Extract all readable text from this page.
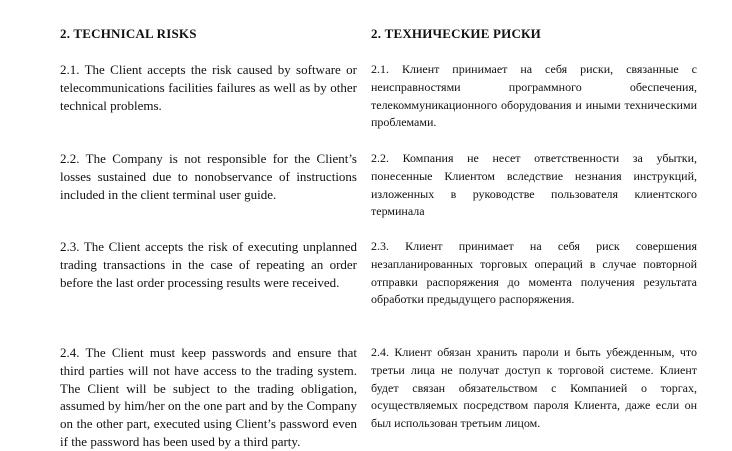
2. TECHNICAL RISKS

2.1. The Client accepts the risk caused by software or telecommunications facilities failures as well as by other technical problems.

2.2. The Company is not responsible for the Client’s losses sustained due to nonobservance of instructions included in the client terminal user guide.

2.3. The Client accepts the risk of executing unplanned trading transactions in the case of repeating an order before the last order processing results were received.

2.4. The Client must keep passwords and ensure that third parties will not have access to the trading system. The Client will be subject to the trading obligation, assumed by him/her on the one part and by the Company on the other part, executed using Client’s password even if the password has been used by a third party.

2. ТЕХНИЧЕСКИЕ РИСКИ

2.1. Клиент принимает на себя риски, связанные с неисправностями программного обеспечения, телекоммуникационного оборудования и иными техническими проблемами.

2.2. Компания не несет ответственности за убытки, понесенные Клиентом вследствие незнания инструкций, изложенных в руководстве пользователя клиентского терминала

2.3. Клиент принимает на себя риск совершения незапланированных торговых операций в случае повторной отправки распоряжения до момента получения результата обработки предыдущего распоряжения.

2.4. Клиент обязан хранить пароли и быть убежденным, что третьи лица не получат доступ к торговой системе. Клиент будет связан обязательством с Компанией о торгах, осуществляемых посредством пароля Клиента, даже если он был использован третьим лицом.
